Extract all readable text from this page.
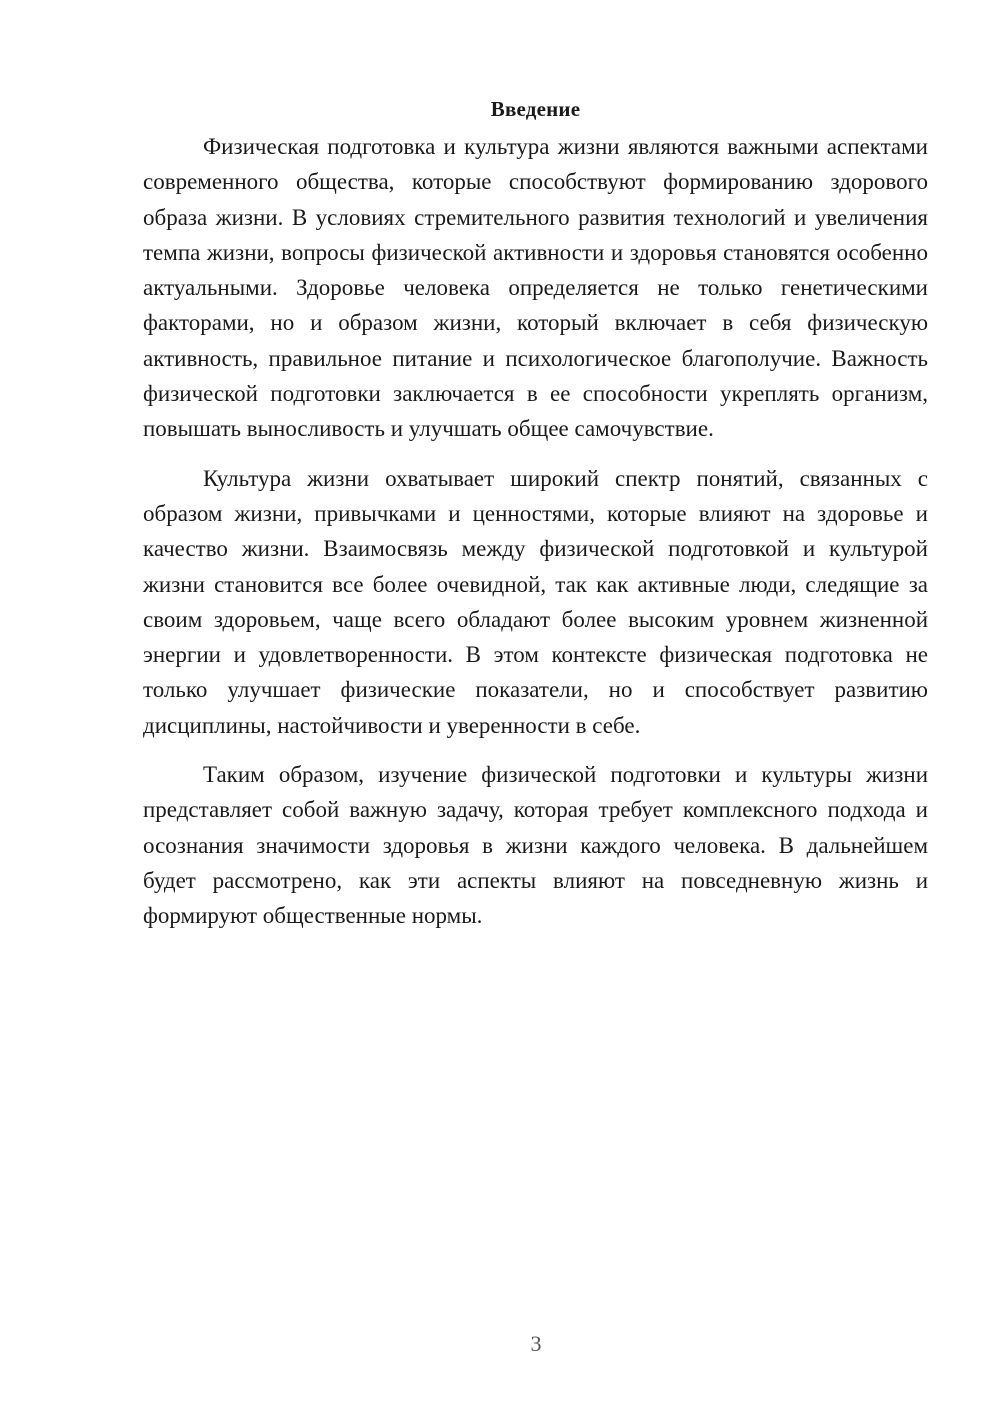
Введение

Физическая подготовка и культура жизни являются важными аспектами современного общества, которые способствуют формированию здорового образа жизни. В условиях стремительного развития технологий и увеличения темпа жизни, вопросы физической активности и здоровья становятся особенно актуальными. Здоровье человека определяется не только генетическими факторами, но и образом жизни, который включает в себя физическую активность, правильное питание и психологическое благополучие. Важность физической подготовки заключается в ее способности укреплять организм, повышать выносливость и улучшать общее самочувствие.

Культура жизни охватывает широкий спектр понятий, связанных с образом жизни, привычками и ценностями, которые влияют на здоровье и качество жизни. Взаимосвязь между физической подготовкой и культурой жизни становится все более очевидной, так как активные люди, следящие за своим здоровьем, чаще всего обладают более высоким уровнем жизненной энергии и удовлетворенности. В этом контексте физическая подготовка не только улучшает физические показатели, но и способствует развитию дисциплины, настойчивости и уверенности в себе.

Таким образом, изучение физической подготовки и культуры жизни представляет собой важную задачу, которая требует комплексного подхода и осознания значимости здоровья в жизни каждого человека. В дальнейшем будет рассмотрено, как эти аспекты влияют на повседневную жизнь и формируют общественные нормы.

3
